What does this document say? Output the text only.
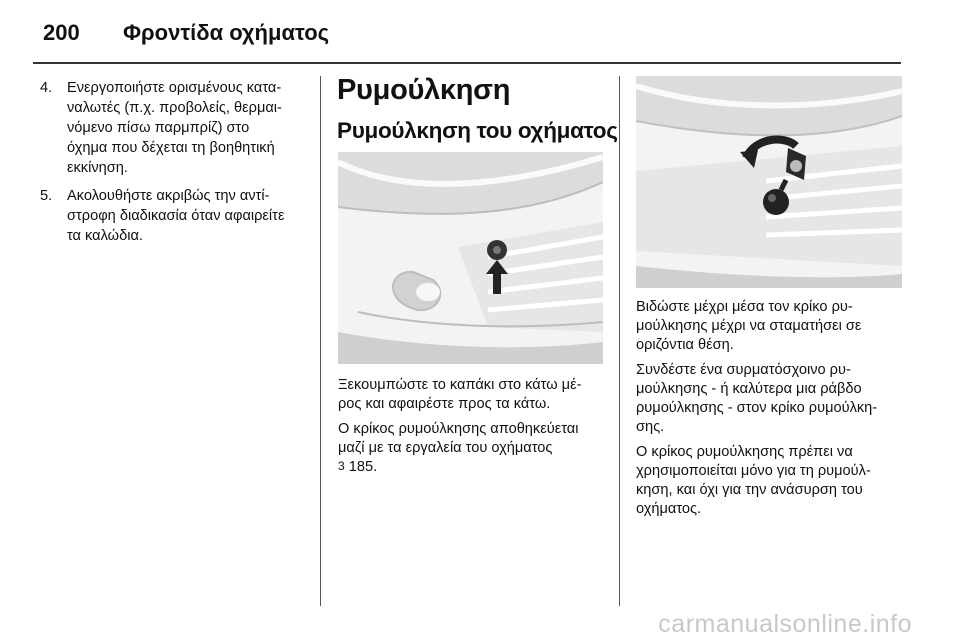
200 Φροντίδα οχήματος
4. Ενεργοποιήστε ορισμένους κατα-
ναλωτές (π.χ. προβολείς, θερμαι-
νόμενο πίσω παρμπρίζ) στο
όχημα που δέχεται τη βοηθητική
εκκίνηση.
5. Ακολουθήστε ακριβώς την αντί-
στροφη διαδικασία όταν αφαιρείτε
τα καλώδια.
Ρυμούλκηση
Ρυμούλκηση του οχήματος

Ξεκουμπώστε το καπάκι στο κάτω μέ-
ρος και αφαιρέστε προς τα κάτω.

Ο κρίκος ρυμούλκησης αποθηκεύεται
μαζί με τα εργαλεία του οχήματος
3 185.

Βιδώστε μέχρι μέσα τον κρίκο ρυ-
μούλκησης μέχρι να σταματήσει σε
οριζόντια θέση.

Συνδέστε ένα συρματόσχοινο ρυ-
μούλκησης - ή καλύτερα μια ράβδο
ρυμούλκησης - στον κρίκο ρυμούλκη-
σης.

Ο κρίκος ρυμούλκησης πρέπει να
χρησιμοποιείται μόνο για τη ρυμούλ-
κηση, και όχι για την ανάσυρση του
οχήματος.

carmanualsonline.info
